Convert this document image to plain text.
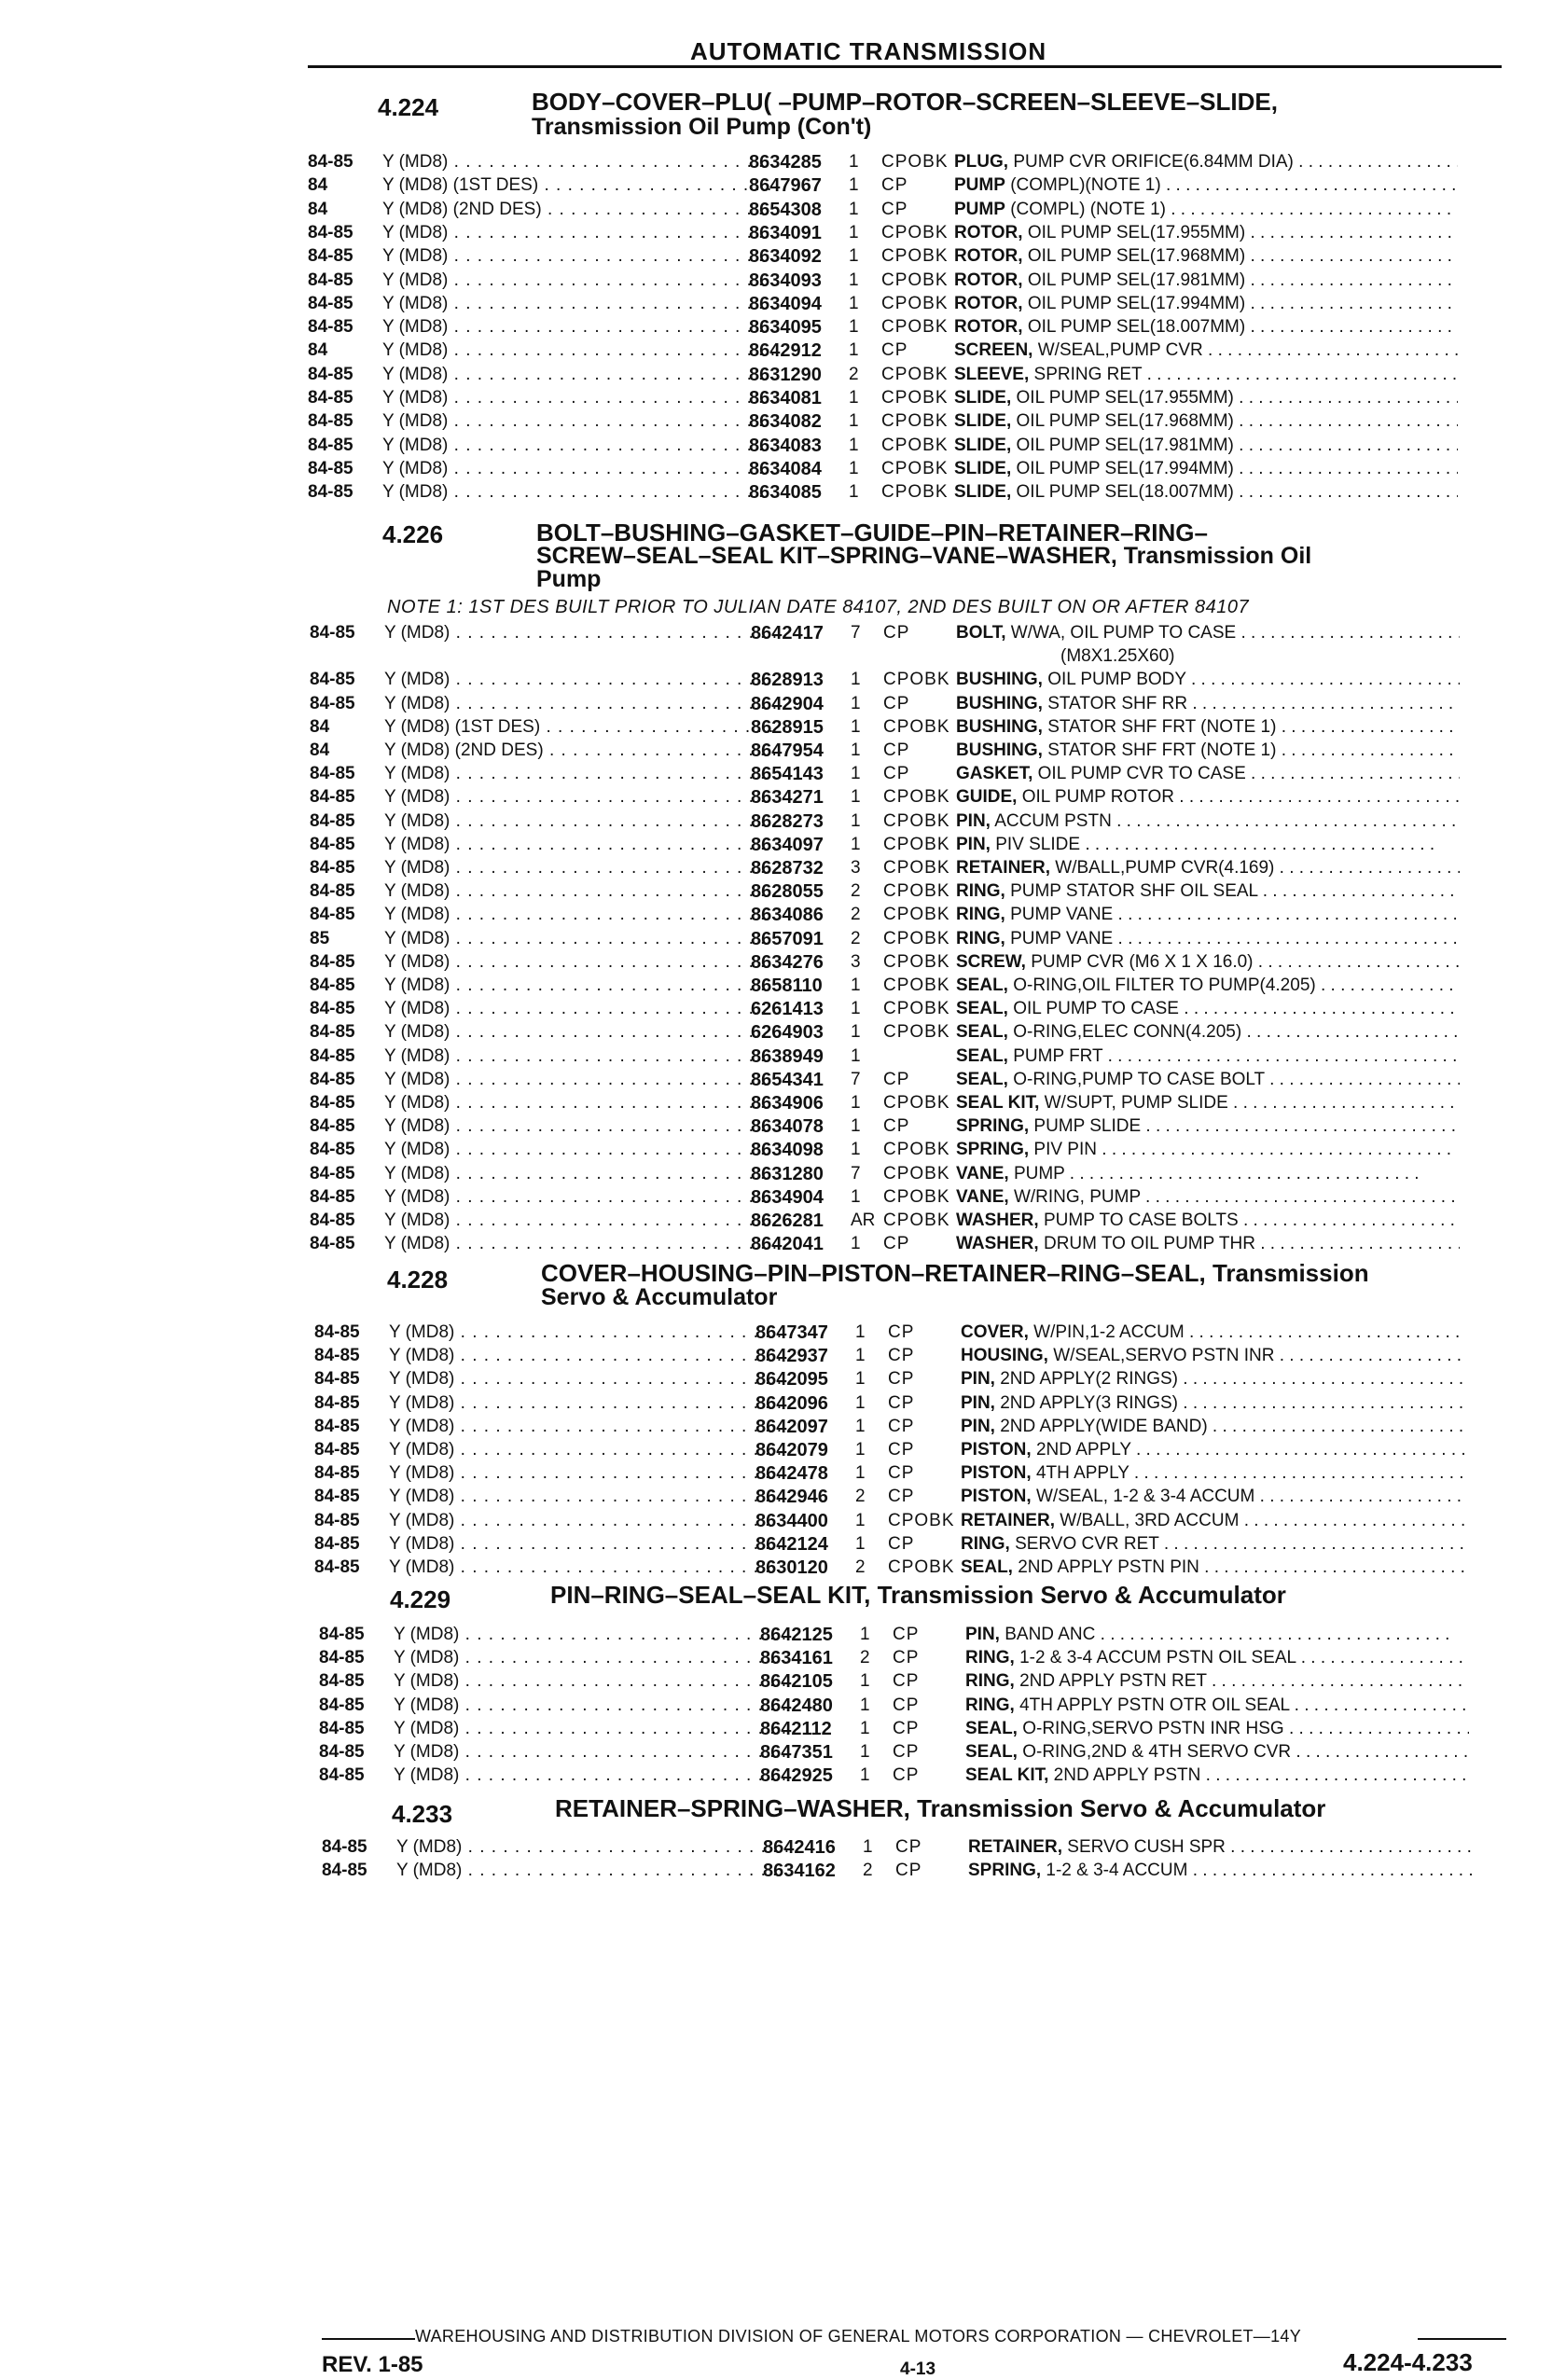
AUTOMATIC TRANSMISSION
4.224	BODY–COVER–PLU( –PUMP–ROTOR–SCREEN–SLEEVE–SLIDE,
Transmission Oil Pump (Con't)
84-85 Y (MD8) . . .	8634285 1 CPOBK PLUG, PUMP CVR ORIFICE(6.84MM DIA) . . .
84	Y (MD8) (1ST DES) . . .	8647967 1 CP	PUMP (COMPL)(NOTE 1) . . .
84	Y (MD8) (2ND DES) . . .	8654308 1 CP	PUMP (COMPL) (NOTE 1) . . .
84-85 Y (MD8) . . .	8634091 1 CPOBK ROTOR, OIL PUMP SEL(17.955MM) . . .
84-85 Y (MD8) . . .	8634092 1 CPOBK ROTOR, OIL PUMP SEL(17.968MM) . . .
84-85 Y (MD8) . . .	8634093 1 CPOBK ROTOR, OIL PUMP SEL(17.981MM) . . .
84-85 Y (MD8) . . .	8634094 1 CPOBK ROTOR, OIL PUMP SEL(17.994MM) . . .
84-85 Y (MD8) . . .	8634095 1 CPOBK ROTOR, OIL PUMP SEL(18.007MM) . . .
84	Y (MD8) . . .	8642912 1 CP	SCREEN, W/SEAL,PUMP CVR . . .
84-85 Y (MD8) . . .	8631290 2 CPOBK SLEEVE, SPRING RET . . .
84-85 Y (MD8) . . .	8634081 1 CPOBK SLIDE, OIL PUMP SEL(17.955MM) . . .
84-85 Y (MD8) . . .	8634082 1 CPOBK SLIDE, OIL PUMP SEL(17.968MM) . . .
84-85 Y (MD8) . . .	8634083 1 CPOBK SLIDE, OIL PUMP SEL(17.981MM) . . .
84-85 Y (MD8) . . .	8634084 1 CPOBK SLIDE, OIL PUMP SEL(17.994MM) . . .
84-85 Y (MD8) . . .	8634085 1 CPOBK SLIDE, OIL PUMP SEL(18.007MM) . . .
4.226	BOLT–BUSHING–GASKET–GUIDE–PIN–RETAINER–RING–
SCREW–SEAL–SEAL KIT–SPRING–VANE–WASHER, Transmission Oil
Pump
NOTE 1: 1ST DES BUILT PRIOR TO JULIAN DATE 84107, 2ND DES BUILT ON OR AFTER 84107
84-85 Y (MD8) . . .	8642417 7 CP	BOLT, W/WA, OIL PUMP TO CASE . . .
(M8X1.25X60)
84-85 Y (MD8) . . .	8628913 1 CPOBK BUSHING, OIL PUMP BODY . . .
84-85 Y (MD8) . . .	8642904 1 CP	BUSHING, STATOR SHF RR . . .
84	Y (MD8) (1ST DES) . . .	8628915 1 CPOBK BUSHING, STATOR SHF FRT (NOTE 1) . . .
84	Y (MD8) (2ND DES) . . .	8647954 1 CP	BUSHING, STATOR SHF FRT (NOTE 1) . . .
84-85 Y (MD8) . . .	8654143 1 CP	GASKET, OIL PUMP CVR TO CASE . . .
84-85 Y (MD8) . . .	8634271 1 CPOBK GUIDE, OIL PUMP ROTOR . . .
84-85 Y (MD8) . . .	8628273 1 CPOBK PIN, ACCUM PSTN . . .
84-85 Y (MD8) . . .	8634097 1 CPOBK PIN, PIV SLIDE . . .
84-85 Y (MD8) . . .	8628732 3 CPOBK RETAINER, W/BALL,PUMP CVR(4.169) . . .
84-85 Y (MD8) . . .	8628055 2 CPOBK RING, PUMP STATOR SHF OIL SEAL . . .
84-85 Y (MD8) . . .	8634086 2 CPOBK RING, PUMP VANE . . .
85	Y (MD8) . . .	8657091 2 CPOBK RING, PUMP VANE . . .
84-85 Y (MD8) . . .	8634276 3 CPOBK SCREW, PUMP CVR (M6 X 1 X 16.0) . . .
84-85 Y (MD8) . . .	8658110 1 CPOBK SEAL, O-RING,OIL FILTER TO PUMP(4.205) . . .
84-85 Y (MD8) . . .	6261413 1 CPOBK SEAL, OIL PUMP TO CASE . . .
84-85 Y (MD8) . . .	6264903 1 CPOBK SEAL, O-RING,ELEC CONN(4.205) . . .
84-85 Y (MD8) . . .	8638949 1	SEAL, PUMP FRT . . .
84-85 Y (MD8) . . .	8654341 7 CP	SEAL, O-RING,PUMP TO CASE BOLT . . .
84-85 Y (MD8) . . .	8634906 1 CPOBK SEAL KIT, W/SUPT, PUMP SLIDE . . .
84-85 Y (MD8) . . .	8634078 1 CP	SPRING, PUMP SLIDE . . .
84-85 Y (MD8) . . .	8634098 1 CPOBK SPRING, PIV PIN . . .
84-85 Y (MD8) . . .	8631280 7 CPOBK VANE, PUMP . . .
84-85 Y (MD8) . . .	8634904 1 CPOBK VANE, W/RING, PUMP . . .
84-85 Y (MD8) . . .	8626281 AR CPOBK WASHER, PUMP TO CASE BOLTS . . .
84-85 Y (MD8) . . .	8642041 1 CP	WASHER, DRUM TO OIL PUMP THR . . .
4.228	COVER–HOUSING–PIN–PISTON–RETAINER–RING–SEAL, Transmission
Servo & Accumulator
84-85 Y (MD8) . . .	8647347 1 CP	COVER, W/PIN,1-2 ACCUM . . .
84-85 Y (MD8) . . .	8642937 1 CP	HOUSING, W/SEAL,SERVO PSTN INR . . .
84-85 Y (MD8) . . .	8642095 1 CP	PIN, 2ND APPLY(2 RINGS) . . .
84-85 Y (MD8) . . .	8642096 1 CP	PIN, 2ND APPLY(3 RINGS) . . .
84-85 Y (MD8) . . .	8642097 1 CP	PIN, 2ND APPLY(WIDE BAND) . . .
84-85 Y (MD8) . . .	8642079 1 CP	PISTON, 2ND APPLY . . .
84-85 Y (MD8) . . .	8642478 1 CP	PISTON, 4TH APPLY . . .
84-85 Y (MD8) . . .	8642946 2 CP	PISTON, W/SEAL, 1-2 & 3-4 ACCUM . . .
84-85 Y (MD8) . . .	8634400 1 CPOBK RETAINER, W/BALL, 3RD ACCUM . . .
84-85 Y (MD8) . . .	8642124 1 CP	RING, SERVO CVR RET . . .
84-85 Y (MD8) . . .	8630120 2 CPOBK SEAL, 2ND APPLY PSTN PIN . . .
4.229	PIN–RING–SEAL–SEAL KIT, Transmission Servo & Accumulator
84-85 Y (MD8) . . .	8642125 1 CP	PIN, BAND ANC . . .
84-85 Y (MD8) . . .	8634161 2 CP	RING, 1-2 & 3-4 ACCUM PSTN OIL SEAL . . .
84-85 Y (MD8) . . .	8642105 1 CP	RING, 2ND APPLY PSTN RET . . .
84-85 Y (MD8) . . .	8642480 1 CP	RING, 4TH APPLY PSTN OTR OIL SEAL . . .
84-85 Y (MD8) . . .	8642112 1 CP	SEAL, O-RING,SERVO PSTN INR HSG . . .
84-85 Y (MD8) . . .	8647351 1 CP	SEAL, O-RING,2ND & 4TH SERVO CVR . . .
84-85 Y (MD8) . . .	8642925 1 CP	SEAL KIT, 2ND APPLY PSTN . . .
4.233	RETAINER–SPRING–WASHER, Transmission Servo & Accumulator
84-85 Y (MD8) . . .	8642416 1 CP	RETAINER, SERVO CUSH SPR . . .
84-85 Y (MD8) . . .	8634162 2 CP	SPRING, 1-2 & 3-4 ACCUM . . .
WAREHOUSING AND DISTRIBUTION DIVISION OF GENERAL MOTORS CORPORATION — CHEVROLET—14Y
REV. 1-85	4-13	4.224-4.233
